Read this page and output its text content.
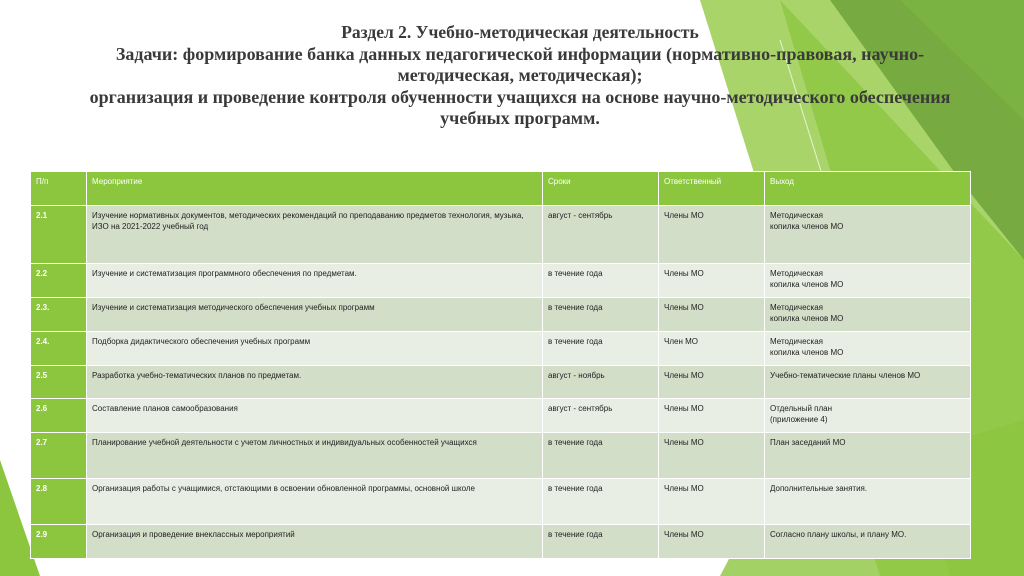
Раздел 2. Учебно-методическая деятельность
Задачи: формирование банка данных педагогической информации (нормативно-правовая, научно-
методическая, методическая);
организация и проведение контроля обученности учащихся на основе научно-методического обеспечения
учебных программ.
П/п	Мероприятие	Сроки	Ответственный	Выход
2.1	Изучение нормативных документов, методических рекомендаций по преподаванию предметов технология, музыка, ИЗО на 2021-2022 учебный год	август - сентябрь	Члены МО	Методическая
копилка членов МО
2.2	Изучение и систематизация программного обеспечения по предметам.	в течение года	Члены МО	Методическая
копилка членов МО
2.3.	Изучение и систематизация методического обеспечения учебных программ	в течение года	Члены МО	Методическая
копилка членов МО
2.4.	Подборка дидактического обеспечения учебных программ	в течение года	Член МО	Методическая
копилка членов МО
2.5	Разработка учебно-тематических планов по предметам.	август - ноябрь	Члены МО	Учебно-тематические планы членов МО
2.6	Составление планов самообразования	август - сентябрь	Члены МО	Отдельный план
(приложение 4)
2.7	Планирование учебной деятельности с учетом личностных и индивидуальных особенностей учащихся	в течение года	Члены МО	План заседаний МО
2.8	Организация работы с учащимися, отстающими в освоении обновленной программы, основной школе	в течение года	Члены МО	Дополнительные занятия.
2.9	Организация и проведение внеклассных мероприятий	в течение года	Члены МО	Согласно плану школы, и плану МО.
